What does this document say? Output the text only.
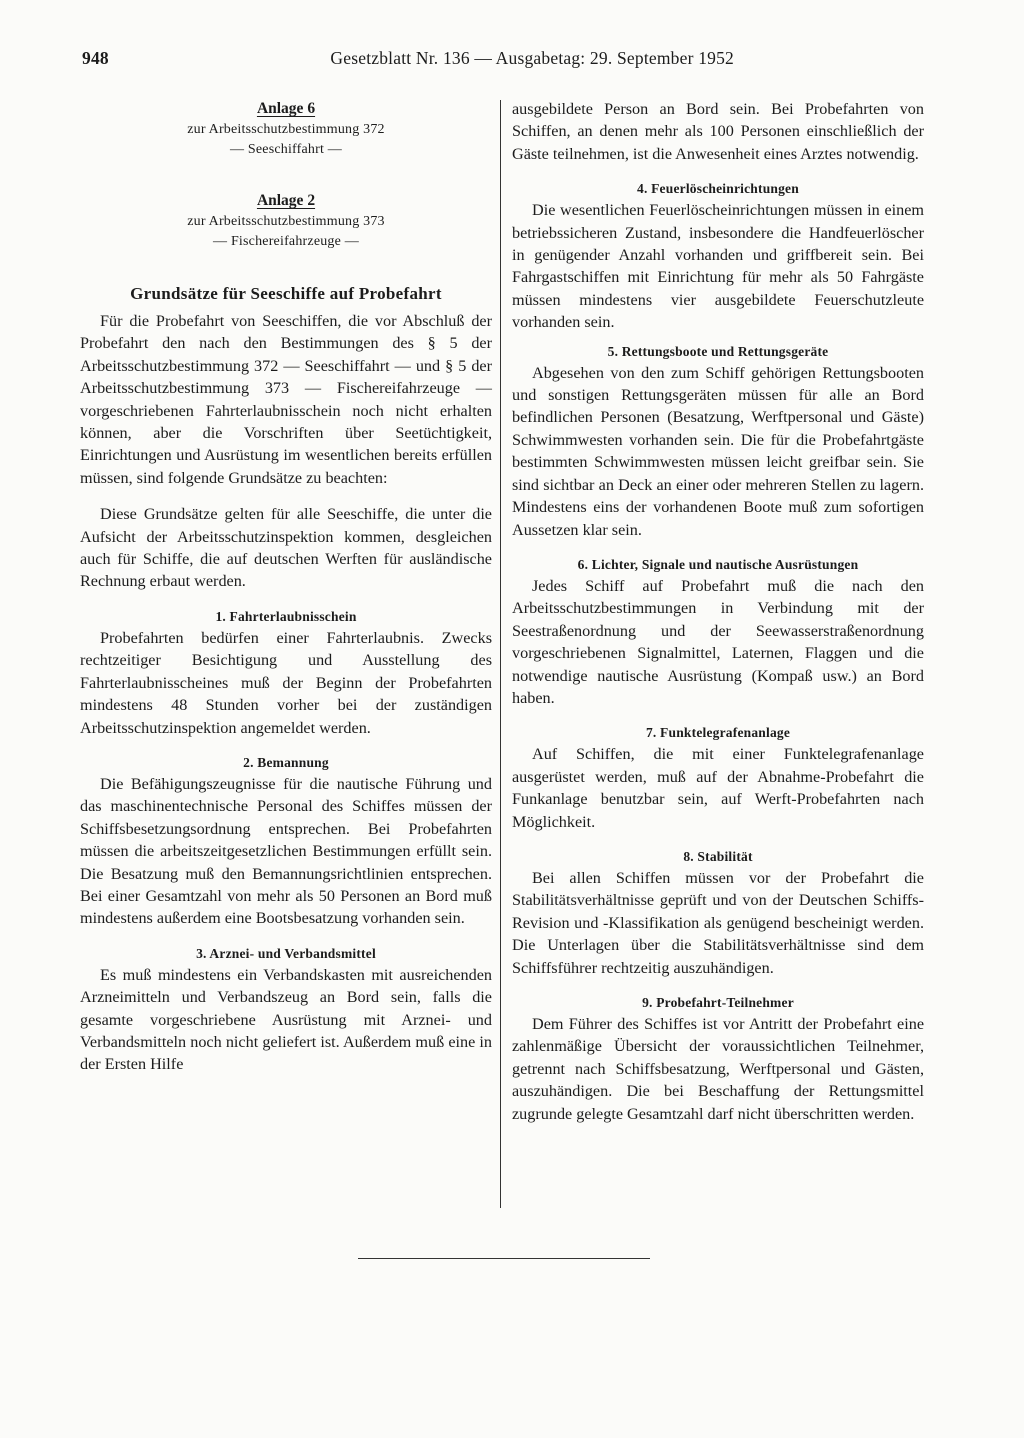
948	Gesetzblatt Nr. 136 — Ausgabetag: 29. September 1952
Anlage 6
zur Arbeitsschutzbestimmung 372
— Seeschiffahrt —
Anlage 2
zur Arbeitsschutzbestimmung 373
— Fischereifahrzeuge —
Grundsätze für Seeschiffe auf Probefahrt

Für die Probefahrt von Seeschiffen, die vor Abschluß der Probefahrt den nach den Bestimmungen des § 5 der Arbeitsschutzbestimmung 372 — Seeschiffahrt — und § 5 der Arbeitsschutzbestimmung 373 — Fischereifahrzeuge — vorgeschriebenen Fahrterlaubnisschein noch nicht erhalten können, aber die Vorschriften über Seetüchtigkeit, Einrichtungen und Ausrüstung im wesentlichen bereits erfüllen müssen, sind folgende Grundsätze zu beachten:

Diese Grundsätze gelten für alle Seeschiffe, die unter die Aufsicht der Arbeitsschutzinspektion kommen, desgleichen auch für Schiffe, die auf deutschen Werften für ausländische Rechnung erbaut werden.

1. Fahrterlaubnisschein

Probefahrten bedürfen einer Fahrterlaubnis. Zwecks rechtzeitiger Besichtigung und Ausstellung des Fahrterlaubnisscheines muß der Beginn der Probefahrten mindestens 48 Stunden vorher bei der zuständigen Arbeitsschutzinspektion angemeldet werden.

2. Bemannung

Die Befähigungszeugnisse für die nautische Führung und das maschinentechnische Personal des Schiffes müssen der Schiffsbesetzungsordnung entsprechen. Bei Probefahrten müssen die arbeitszeitgesetzlichen Bestimmungen erfüllt sein. Die Besatzung muß den Bemannungsrichtlinien entsprechen. Bei einer Gesamtzahl von mehr als 50 Personen an Bord muß mindestens außerdem eine Bootsbesatzung vorhanden sein.

3. Arznei- und Verbandsmittel

Es muß mindestens ein Verbandskasten mit ausreichenden Arzneimitteln und Verbandszeug an Bord sein, falls die gesamte vorgeschriebene Ausrüstung mit Arznei- und Verbandsmitteln noch nicht geliefert ist. Außerdem muß eine in der Ersten Hilfe

ausgebildete Person an Bord sein. Bei Probefahrten von Schiffen, an denen mehr als 100 Personen einschließlich der Gäste teilnehmen, ist die Anwesenheit eines Arztes notwendig.

4. Feuerlöscheinrichtungen

Die wesentlichen Feuerlöscheinrichtungen müssen in einem betriebssicheren Zustand, insbesondere die Handfeuerlöscher in genügender Anzahl vorhanden und griffbereit sein. Bei Fahrgastschiffen mit Einrichtung für mehr als 50 Fahrgäste müssen mindestens vier ausgebildete Feuerschutzleute vorhanden sein.

5. Rettungsboote und Rettungsgeräte

Abgesehen von den zum Schiff gehörigen Rettungsbooten und sonstigen Rettungsgeräten müssen für alle an Bord befindlichen Personen (Besatzung, Werftpersonal und Gäste) Schwimmwesten vorhanden sein. Die für die Probefahrtgäste bestimmten Schwimmwesten müssen leicht greifbar sein. Sie sind sichtbar an Deck an einer oder mehreren Stellen zu lagern. Mindestens eins der vorhandenen Boote muß zum sofortigen Aussetzen klar sein.

6. Lichter, Signale und nautische Ausrüstungen

Jedes Schiff auf Probefahrt muß die nach den Arbeitsschutzbestimmungen in Verbindung mit der Seestraßenordnung und der Seewasserstraßenordnung vorgeschriebenen Signalmittel, Laternen, Flaggen und die notwendige nautische Ausrüstung (Kompaß usw.) an Bord haben.

7. Funktelegrafenanlage

Auf Schiffen, die mit einer Funktelegrafenanlage ausgerüstet werden, muß auf der Abnahme-Probefahrt die Funkanlage benutzbar sein, auf Werft-Probefahrten nach Möglichkeit.

8. Stabilität

Bei allen Schiffen müssen vor der Probefahrt die Stabilitätsverhältnisse geprüft und von der Deutschen Schiffs-Revision und -Klassifikation als genügend bescheinigt werden. Die Unterlagen über die Stabilitätsverhältnisse sind dem Schiffsführer rechtzeitig auszuhändigen.

9. Probefahrt-Teilnehmer

Dem Führer des Schiffes ist vor Antritt der Probefahrt eine zahlenmäßige Übersicht der voraussichtlichen Teilnehmer, getrennt nach Schiffsbesatzung, Werftpersonal und Gästen, auszuhändigen. Die bei Beschaffung der Rettungsmittel zugrunde gelegte Gesamtzahl darf nicht überschritten werden.
